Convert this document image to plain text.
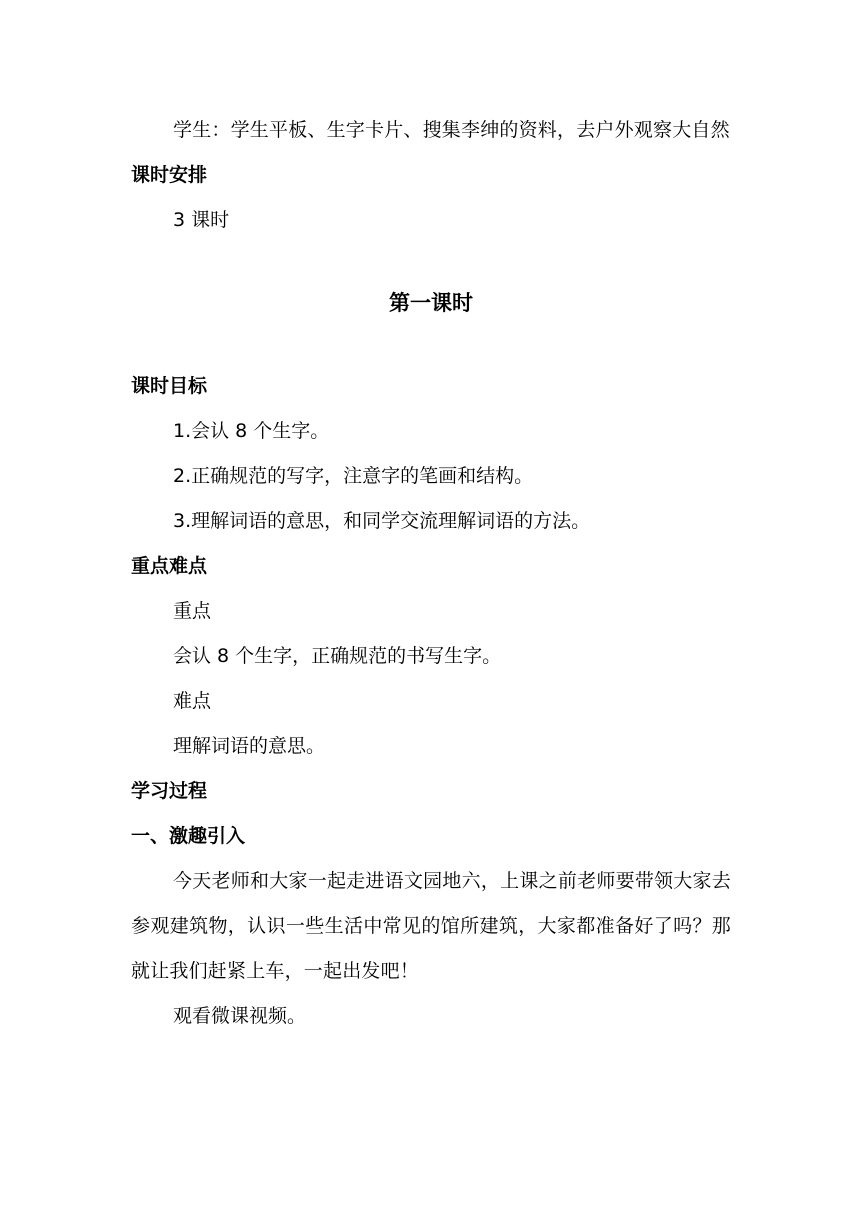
学生：学生平板、生字卡片、搜集李绅的资料，去户外观察大自然

课时安排

3 课时

第一课时

课时目标

1.会认 8 个生字。

2.正确规范的写字，注意字的笔画和结构。

3.理解词语的意思，和同学交流理解词语的方法。

重点难点

重点

会认 8 个生字，正确规范的书写生字。

难点

理解词语的意思。

学习过程

一、激趣引入

今天老师和大家一起走进语文园地六，上课之前老师要带领大家去参观建筑物，认识一些生活中常见的馆所建筑，大家都准备好了吗？那就让我们赶紧上车，一起出发吧！

观看微课视频。
